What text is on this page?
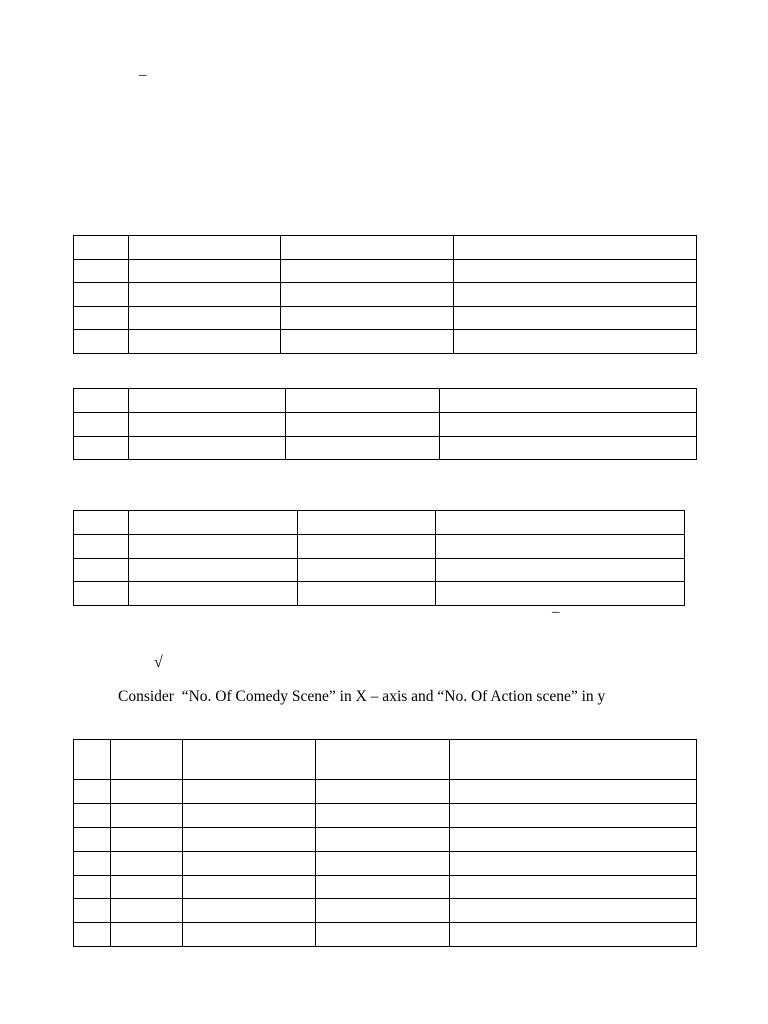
–

–
√
Consider  “No. Of Comedy Scene” in X – axis and “No. Of Action scene” in y
